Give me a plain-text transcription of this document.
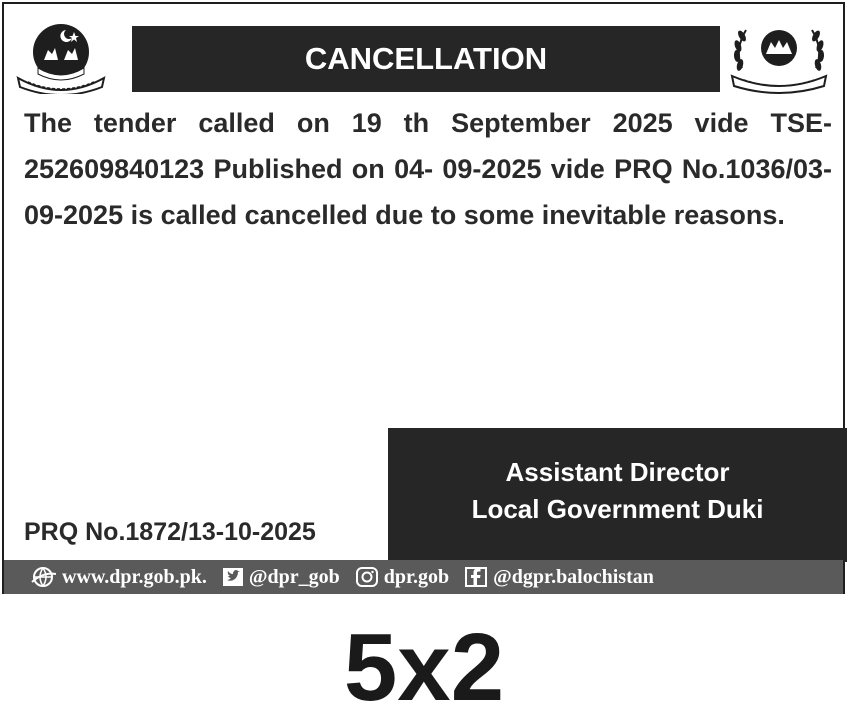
CANCELLATION
The tender called on 19 th September 2025 vide TSE-
252609840123 Published on 04- 09-2025 vide PRQ No.1036/03-
09-2025 is called cancelled due to some inevitable reasons.
Assistant Director
Local Government Duki
PRQ No.1872/13-10-2025
www.dpr.gob.pk. @dpr_gob dpr.gob @dgpr.balochistan
5x2
